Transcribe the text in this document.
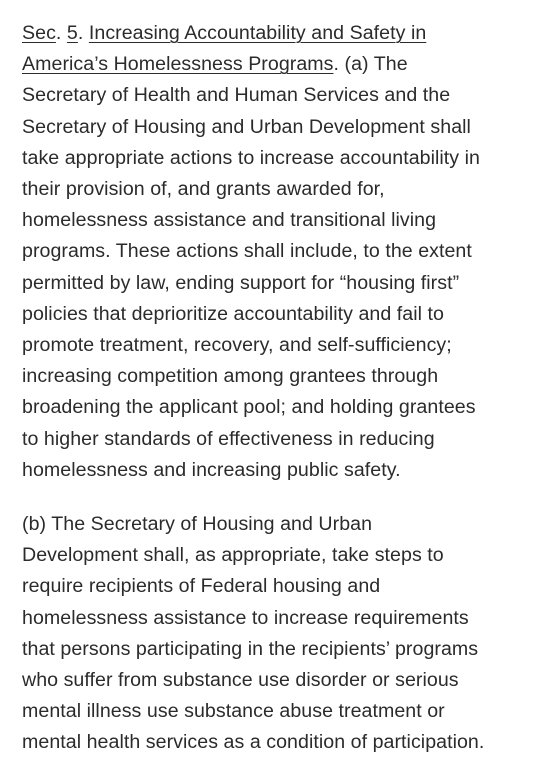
Sec. 5. Increasing Accountability and Safety in
America’s Homelessness Programs. (a) The
Secretary of Health and Human Services and the
Secretary of Housing and Urban Development shall
take appropriate actions to increase accountability in
their provision of, and grants awarded for,
homelessness assistance and transitional living
programs. These actions shall include, to the extent
permitted by law, ending support for “housing first”
policies that deprioritize accountability and fail to
promote treatment, recovery, and self-sufficiency;
increasing competition among grantees through
broadening the applicant pool; and holding grantees
to higher standards of effectiveness in reducing
homelessness and increasing public safety.

(b) The Secretary of Housing and Urban
Development shall, as appropriate, take steps to
require recipients of Federal housing and
homelessness assistance to increase requirements
that persons participating in the recipients’ programs
who suffer from substance use disorder or serious
mental illness use substance abuse treatment or
mental health services as a condition of participation.
